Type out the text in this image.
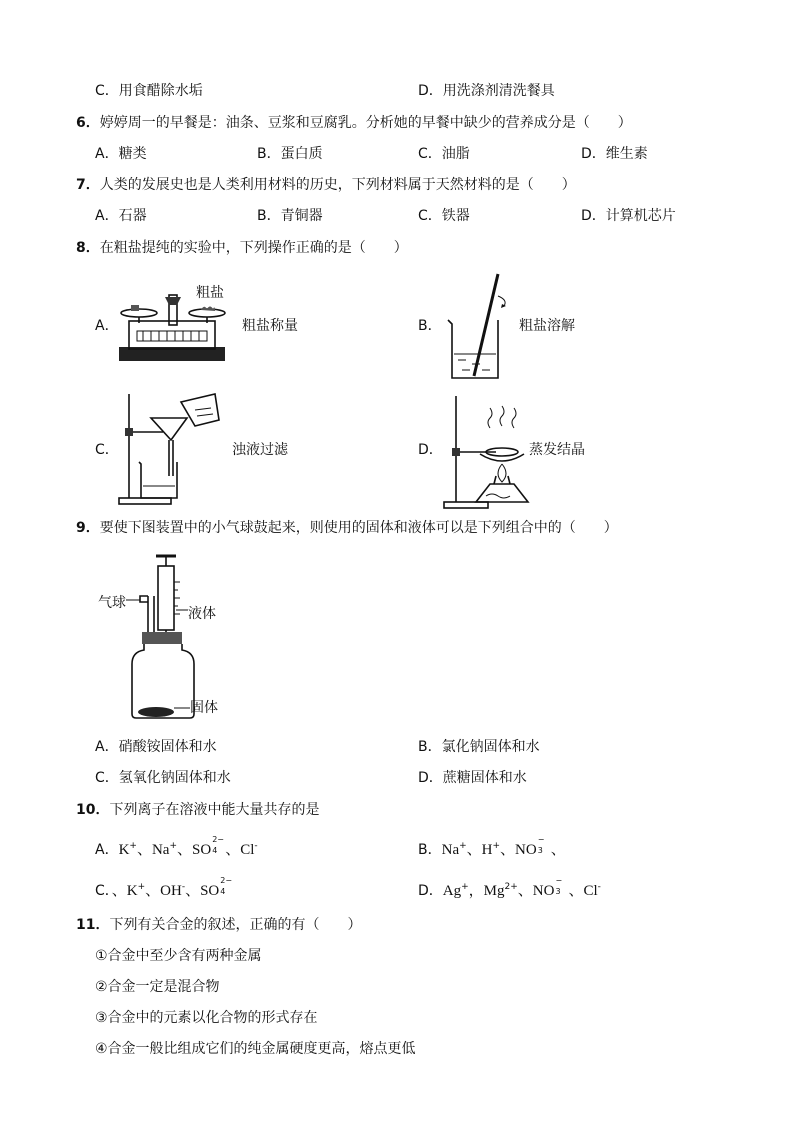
C．用食醋除水垢	D．用洗涤剂清洗餐具
6．婷婷周一的早餐是：油条、豆浆和豆腐乳。分析她的早餐中缺少的营养成分是（　　）
A．糖类	B．蛋白质	C．油脂	D．维生素
7．人类的发展史也是人类利用材料的历史，下列材料属于天然材料的是（　　）
A．石器	B．青铜器	C．铁器	D．计算机芯片
8．在粗盐提纯的实验中，下列操作正确的是（　　）
A．
粗盐
粗盐称量	B．	粗盐溶解
C．	浊液过滤	D．	蒸发结晶
9．要使下图装置中的小气球鼓起来，则使用的固体和液体可以是下列组合中的（　　）
气球
液体
固体
A．硝酸铵固体和水	B．氯化钠固体和水
C．氢氧化钠固体和水	D．蔗糖固体和水
10．下列离子在溶液中能大量共存的是
A．K+、Na+、SO
2−
4 、Cl-	B．Na+、H+、NO
−
3 、
C．、K+、OH-、SO
2−
4	D．Ag+，$Mg^{2+}$、NO
−
3 、Cl-
11．下列有关合金的叙述，正确的有（　　）
①合金中至少含有两种金属
②合金一定是混合物
③合金中的元素以化合物的形式存在
④合金一般比组成它们的纯金属硬度更高，熔点更低
